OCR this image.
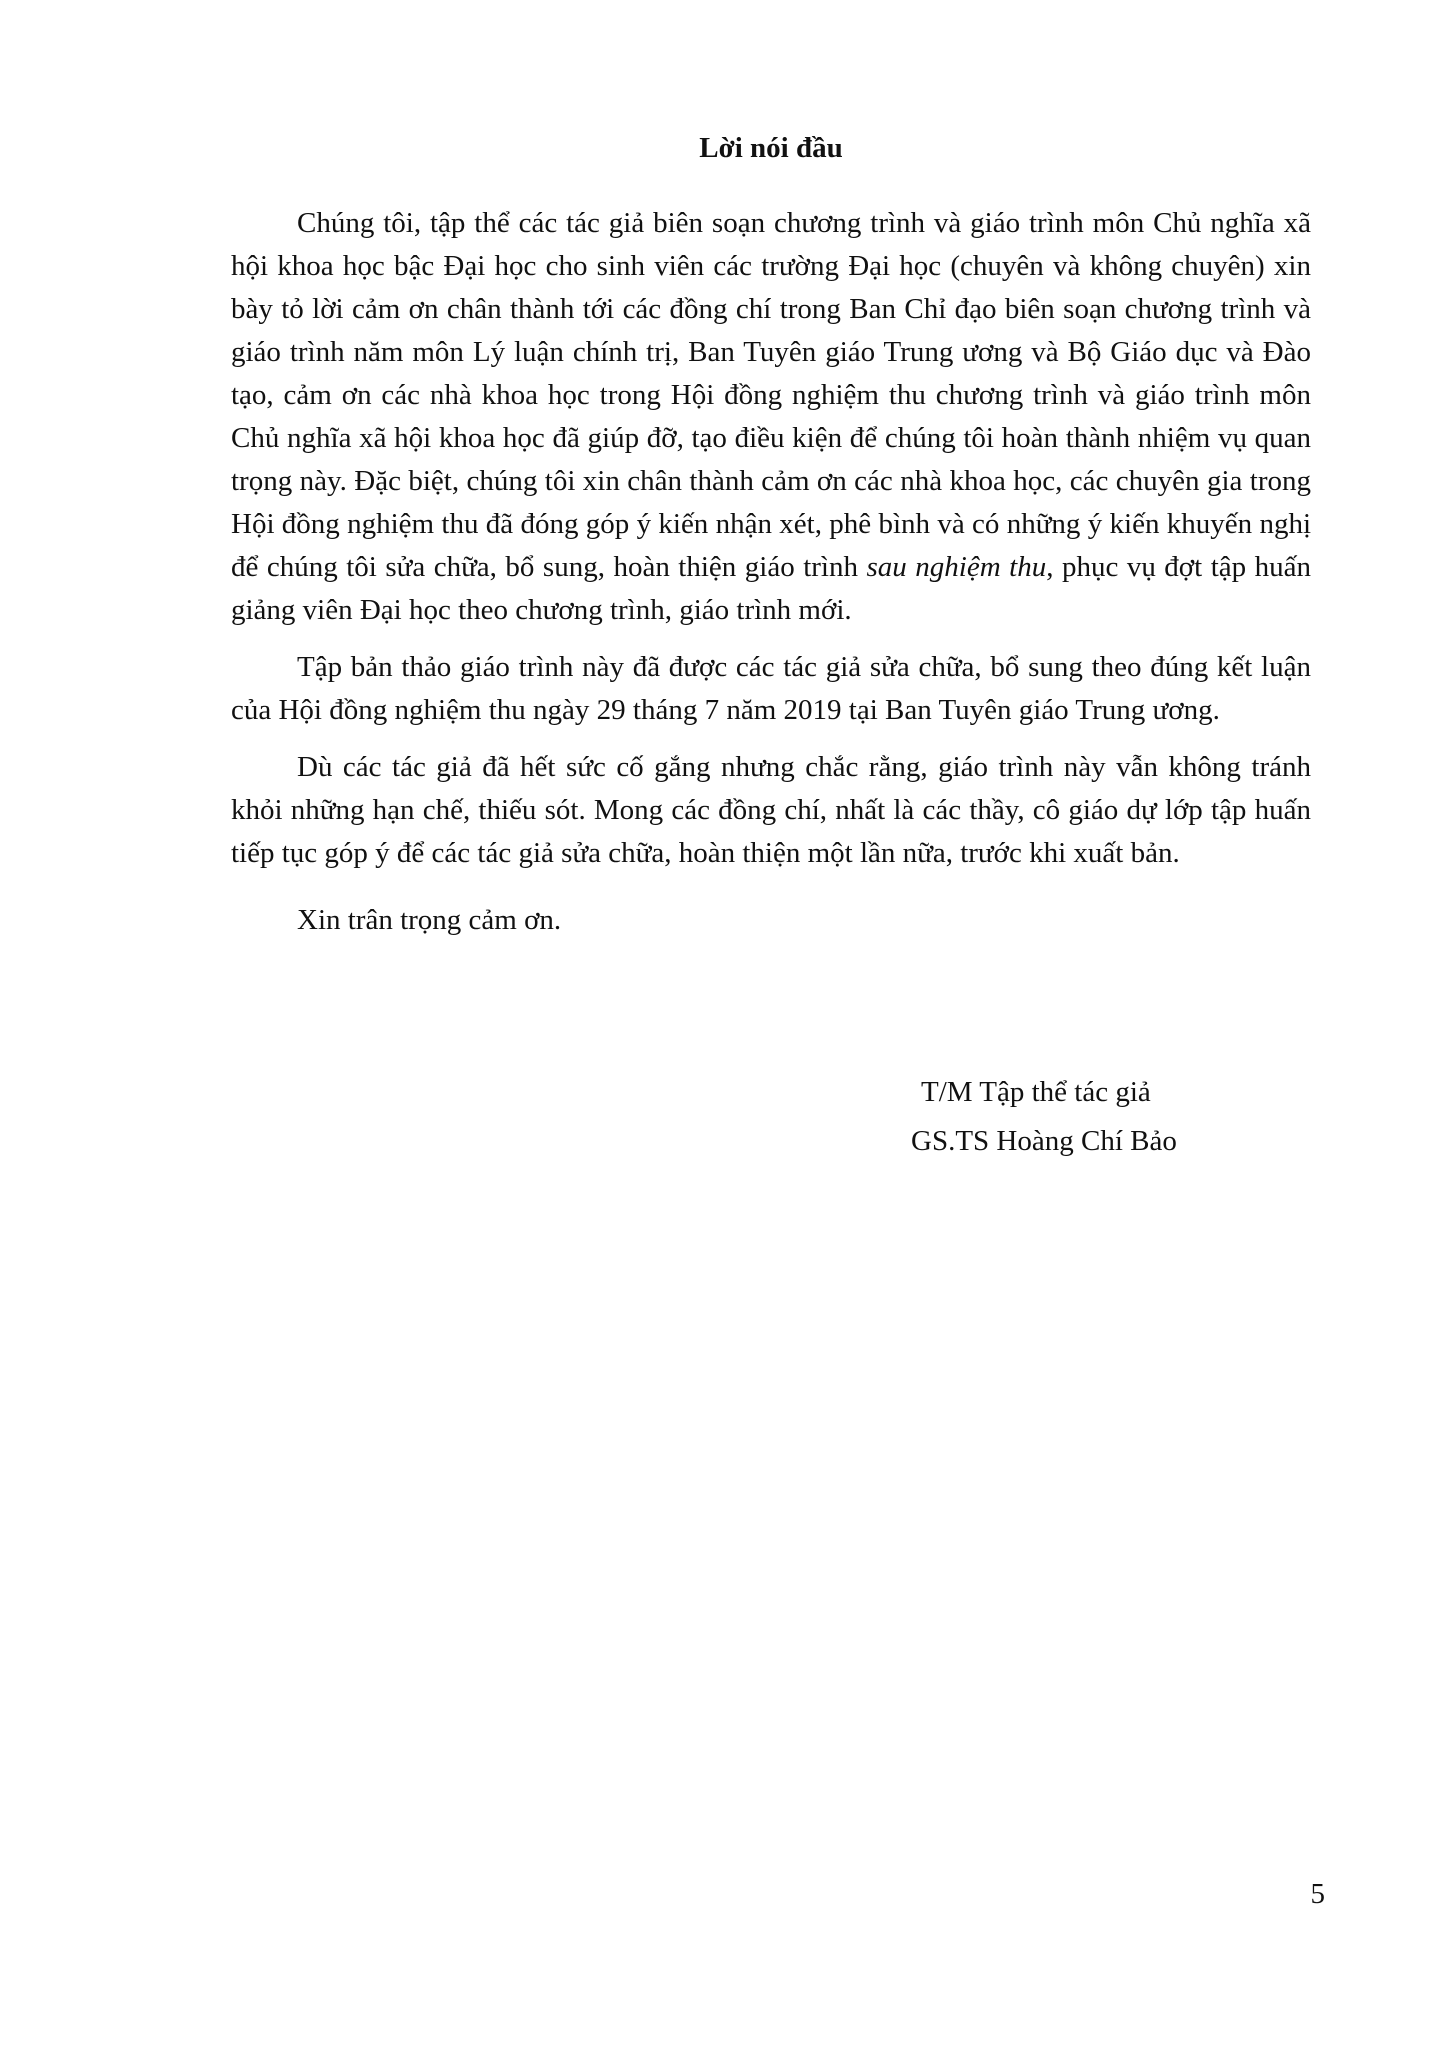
Lời nói đầu

Chúng tôi, tập thể các tác giả biên soạn chương trình và giáo trình môn Chủ nghĩa xã hội khoa học bậc Đại học cho sinh viên các trường Đại học (chuyên và không chuyên) xin bày tỏ lời cảm ơn chân thành tới các đồng chí trong Ban Chỉ đạo biên soạn chương trình và giáo trình năm môn Lý luận chính trị, Ban Tuyên giáo Trung ương và Bộ Giáo dục và Đào tạo, cảm ơn các nhà khoa học trong Hội đồng nghiệm thu chương trình và giáo trình môn Chủ nghĩa xã hội khoa học đã giúp đỡ, tạo điều kiện để chúng tôi hoàn thành nhiệm vụ quan trọng này. Đặc biệt, chúng tôi xin chân thành cảm ơn các nhà khoa học, các chuyên gia trong Hội đồng nghiệm thu đã đóng góp ý kiến nhận xét, phê bình và có những ý kiến khuyến nghị để chúng tôi sửa chữa, bổ sung, hoàn thiện giáo trình sau nghiệm thu, phục vụ đợt tập huấn giảng viên Đại học theo chương trình, giáo trình mới.

Tập bản thảo giáo trình này đã được các tác giả sửa chữa, bổ sung theo đúng kết luận của Hội đồng nghiệm thu ngày 29 tháng 7 năm 2019 tại Ban Tuyên giáo Trung ương.

Dù các tác giả đã hết sức cố gắng nhưng chắc rằng, giáo trình này vẫn không tránh khỏi những hạn chế, thiếu sót. Mong các đồng chí, nhất là các thầy, cô giáo dự lớp tập huấn tiếp tục góp ý để các tác giả sửa chữa, hoàn thiện một lần nữa, trước khi xuất bản.

Xin trân trọng cảm ơn.

T/M Tập thể tác giả
GS.TS Hoàng Chí Bảo
5
